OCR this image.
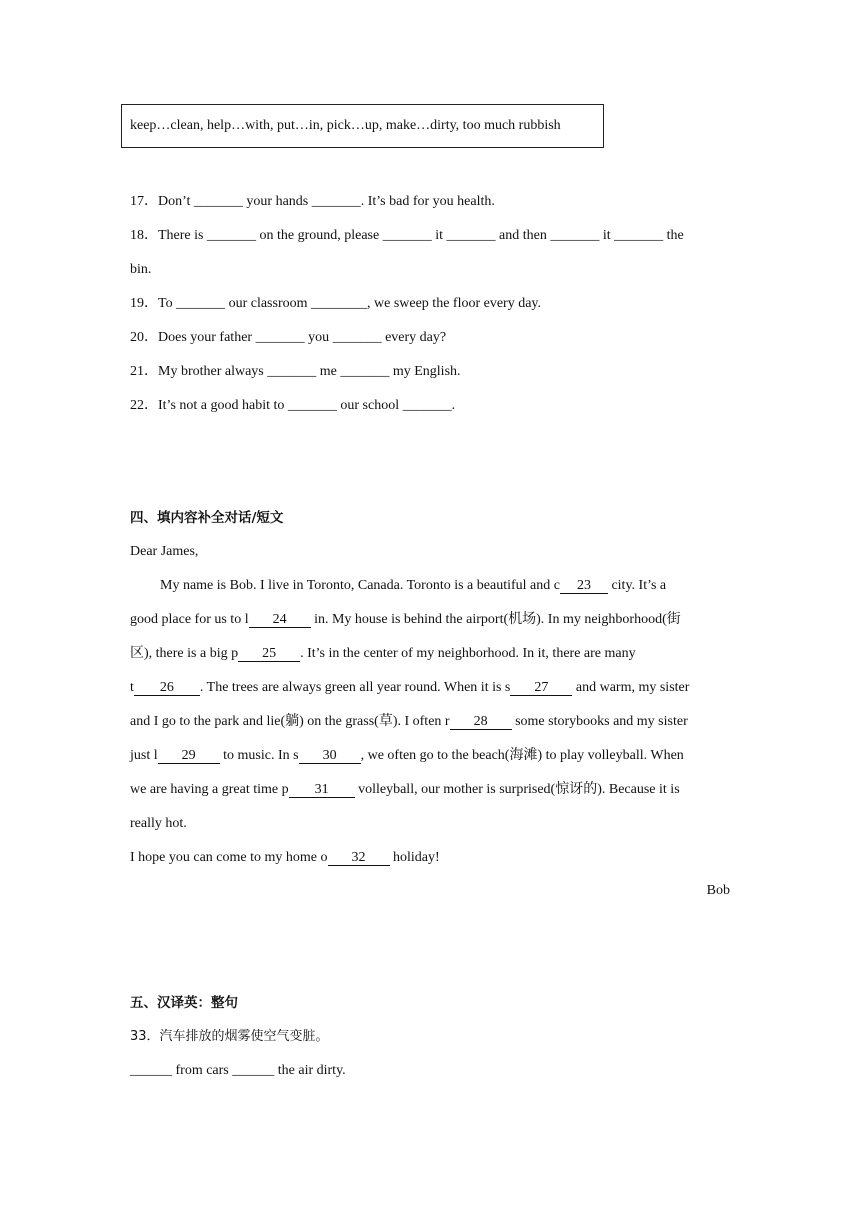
keep…clean, help…with, put…in, pick…up, make…dirty, too much rubbish
17．Don’t _______ your hands _______. It’s bad for you health.
18．There is _______ on the ground, please _______ it _______ and then _______ it _______ the
bin.
19．To _______ our classroom ________, we sweep the floor every day.
20．Does your father _______ you _______ every day?
21．My brother always _______ me _______ my English.
22．It’s not a good habit to _______ our school _______.
四、填内容补全对话/短文
Dear James,
My name is Bob. I live in Toronto, Canada. Toronto is a beautiful and c 23 city. It’s a
good place for us to l 24 in. My house is behind the airport(机场). In my neighborhood(街
区), there is a big p 25 . It’s in the center of my neighborhood. In it, there are many
t 26 . The trees are always green all year round. When it is s 27 and warm, my sister
and I go to the park and lie(躺) on the grass(草). I often r 28 some storybooks and my sister
just l 29 to music. In s 30 , we often go to the beach(海滩) to play volleyball. When
we are having a great time p 31 volleyball, our mother is surprised(惊讶的). Because it is
really hot.
I hope you can come to my home o 32 holiday!
Bob
五、汉译英：整句
33．汽车排放的烟雾使空气变脏。
______ from cars ______ the air dirty.
